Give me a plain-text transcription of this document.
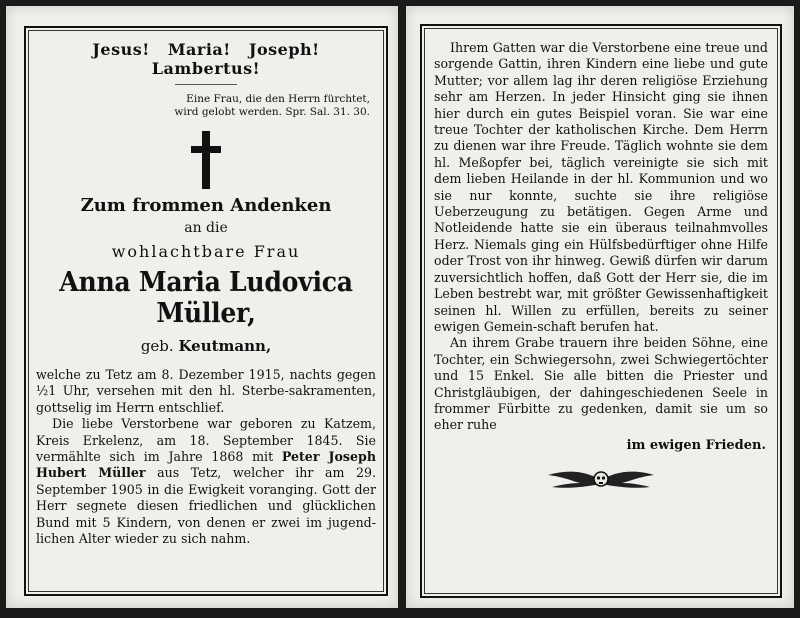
Jesus! Maria! Joseph! Lambertus!
Eine Frau, die den Herrn fürchtet,
wird gelobt werden. Spr. Sal. 31. 30.
Zum frommen Andenken
an die
wohlachtbare Frau
Anna Maria Ludovica Müller,
geb. Keutmann,

welche zu Tetz am 8. Dezember 1915, nachts gegen ½1 Uhr, versehen mit den hl. Sterbe-sakramenten, gottselig im Herrn entschlief.

Die liebe Verstorbene war geboren zu Katzem, Kreis Erkelenz, am 18. September 1845. Sie vermählte sich im Jahre 1868 mit Peter Joseph Hubert Müller aus Tetz, welcher ihr am 29. September 1905 in die Ewigkeit voranging. Gott der Herr segnete diesen friedlichen und glücklichen Bund mit 5 Kindern, von denen er zwei im jugend-lichen Alter wieder zu sich nahm.

Ihrem Gatten war die Verstorbene eine treue und sorgende Gattin, ihren Kindern eine liebe und gute Mutter; vor allem lag ihr deren religiöse Erziehung sehr am Herzen. In jeder Hinsicht ging sie ihnen hier durch ein gutes Beispiel voran. Sie war eine treue Tochter der katholischen Kirche. Dem Herrn zu dienen war ihre Freude. Täglich wohnte sie dem hl. Meßopfer bei, täglich vereinigte sie sich mit dem lieben Heilande in der hl. Kommunion und wo sie nur konnte, suchte sie ihre religiöse Ueberzeugung zu betätigen. Gegen Arme und Notleidende hatte sie ein überaus teilnahmvolles Herz. Niemals ging ein Hülfsbedürftiger ohne Hilfe oder Trost von ihr hinweg. Gewiß dürfen wir darum zuversichtlich hoffen, daß Gott der Herr sie, die im Leben bestrebt war, mit größter Gewissenhaftigkeit seinen hl. Willen zu erfüllen, bereits zu seiner ewigen Gemein-schaft berufen hat.

An ihrem Grabe trauern ihre beiden Söhne, eine Tochter, ein Schwiegersohn, zwei Schwiegertöchter und 15 Enkel. Sie alle bitten die Priester und Christgläubigen, der dahingeschiedenen Seele in frommer Fürbitte zu gedenken, damit sie um so eher ruhe

im ewigen Frieden.
